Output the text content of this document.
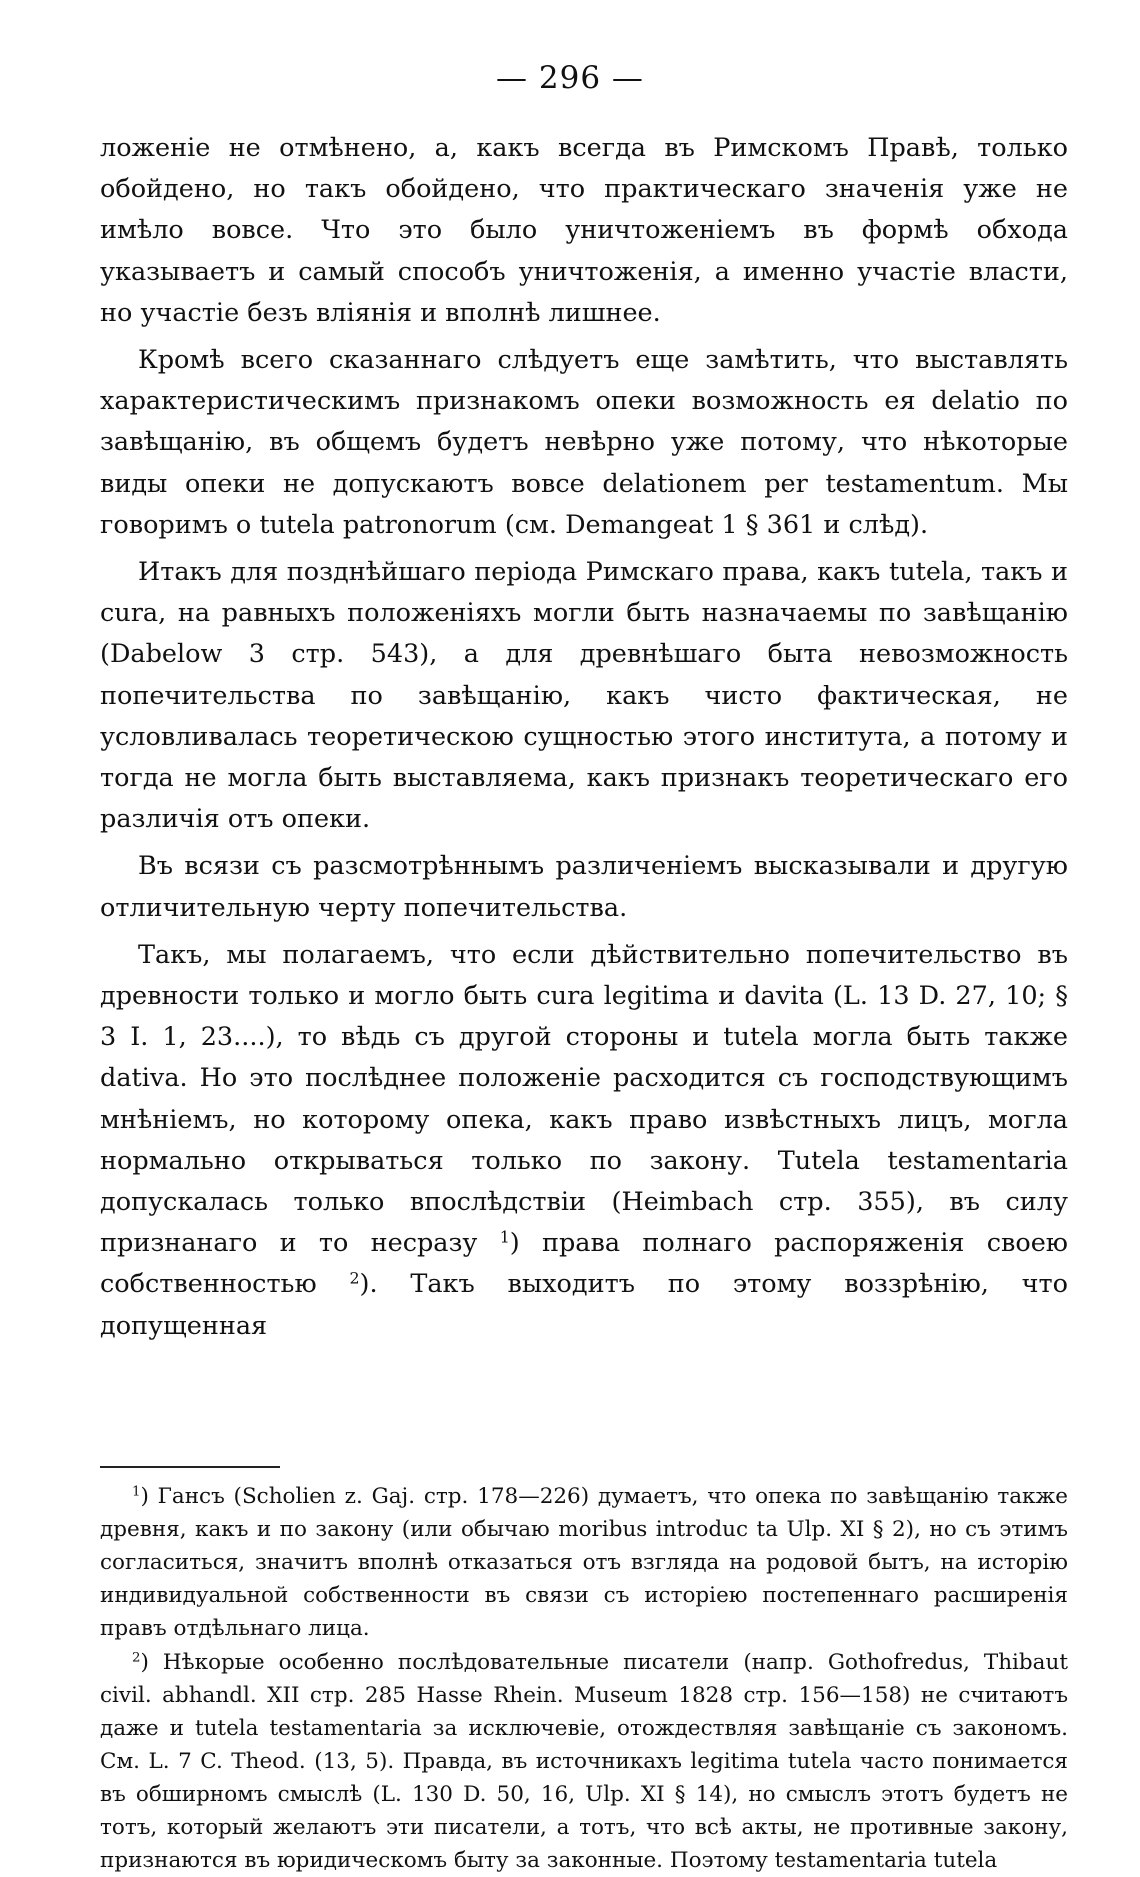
— 296 —

ложеніе не отмѣнено, а, какъ всегда въ Римскомъ Правѣ, только обойдено, но такъ обойдено, что практическаго значенія уже не имѣло вовсе. Что это было уничтоженіемъ въ формѣ обхода указываетъ и самый способъ уничтоженія, а именно участіе власти, но участіе безъ вліянія и вполнѣ лишнее.

Кромѣ всего сказаннаго слѣдуетъ еще замѣтить, что выставлять характеристическимъ признакомъ опеки возможность ея delatio по завѣщанію, въ общемъ будетъ невѣрно уже потому, что нѣкоторые виды опеки не допускаютъ вовсе delationem per testamentum. Мы говоримъ о tutela patronorum (см. Demangeat 1 § 361 и слѣд).

Итакъ для позднѣйшаго періода Римскаго права, какъ tutela, такъ и cura, на равныхъ положеніяхъ могли быть назначаемы по завѣщанію (Dabelow 3 стр. 543), а для древнѣшаго быта невозможность попечительства по завѣщанію, какъ чисто фактическая, не условливалась теоретическою сущностью этого института, а потому и тогда не могла быть выставляема, какъ признакъ теоретическаго его различія отъ опеки.

Въ всязи съ разсмотрѣннымъ различеніемъ высказывали и другую отличительную черту попечительства.

Такъ, мы полагаемъ, что если дѣйствительно попечительство въ древности только и могло быть cura legitima и davita (L. 13 D. 27, 10; § 3 I. 1, 23....), то вѣдь съ другой стороны и tutela могла быть также dativa. Но это послѣднее положеніе расходится съ господствующимъ мнѣніемъ, но которому опека, какъ право извѣстныхъ лицъ, могла нормально открываться только по закону. Tutela testamentaria допускалась только впослѣдствіи (Heimbach стр. 355), въ силу признанаго и то несразу $^1$) права полнаго распоряженія своею собственностью $^2$). Такъ выходитъ по этому воззрѣнію, что допущенная

$^1$) Гансъ (Scholien z. Gaj. стр. 178—226) думаетъ, что опека по завѣщанію также древня, какъ и по закону (или обычаю moribus introduc ta Ulp. XI § 2), но съ этимъ согласиться, значитъ вполнѣ отказаться отъ взгляда на родовой бытъ, на исторію индивидуальной собственности въ связи съ исторіею постепеннаго расширенія правъ отдѣльнаго лица.

$^2$) Нѣкорые особенно послѣдовательные писатели (напр. Gothofredus, Thibaut civil. abhandl. XII стр. 285 Hasse Rhein. Museum 1828 стр. 156—158) не считаютъ даже и tutela testamentaria за исключевіе, отождествляя завѣщаніе съ закономъ. См. L. 7 C. Theod. (13, 5). Правда, въ источникахъ legitima tutela часто понимается въ обширномъ смыслѣ (L. 130 D. 50, 16, Ulp. XI § 14), но смыслъ этотъ будетъ не тотъ, который желаютъ эти писатели, а тотъ, что всѣ акты, не противные закону, признаются въ юридическомъ быту за законные. Поэтому testamentaria tutela
